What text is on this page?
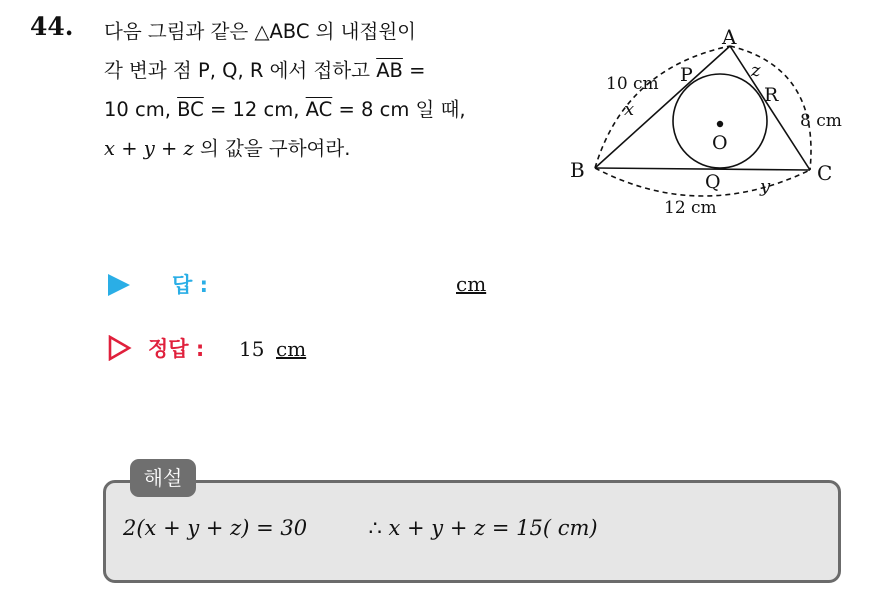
44. 다음 그림과 같은 △ABC 의 내접원이
각 변과 점 P, Q, R 에서 접하고 $\overline{AB}$ =
10 cm, $\overline{BC} = 12$ cm, $\overline{AC} = 8$ cm 일 때,
x + y + z 의 값을 구하여라.
A
B	C
P
Q
R
O
x
y
z
10 cm
12 cm
8 cm
답 :	cm
정답 : 15 cm
해설
2(x + y + z) = 30	∴ x + y + z = 15( cm)
